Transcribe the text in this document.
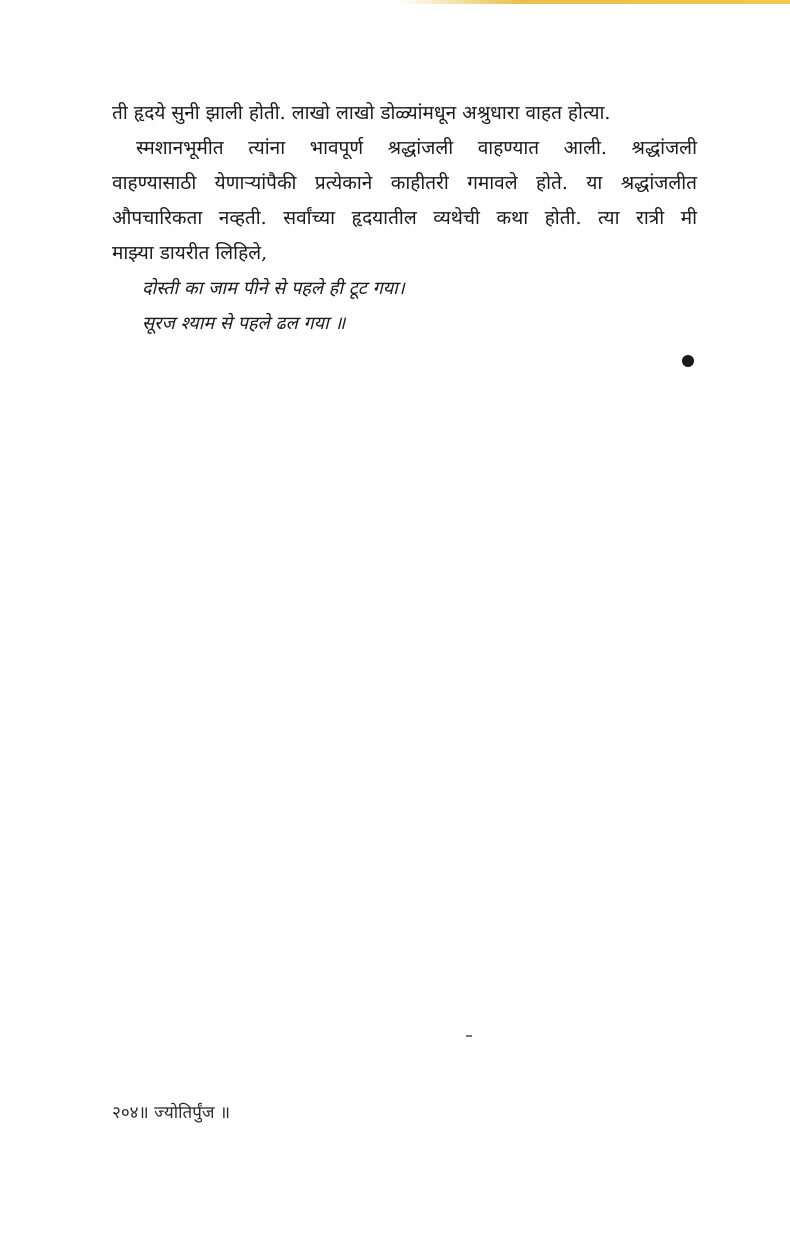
ती हृदये सुनी झाली होती. लाखो लाखो डोळ्यांमधून अश्रुधारा वाहत होत्या.

स्मशानभूमीत त्यांना भावपूर्ण श्रद्धांजली वाहण्यात आली. श्रद्धांजली
वाहण्यासाठी येणाऱ्यांपैकी प्रत्येकाने काहीतरी गमावले होते. या श्रद्धांजलीत
औपचारिकता नव्हती. सर्वांच्या हृदयातील व्यथेची कथा होती. त्या रात्री मी
माझ्या डायरीत लिहिले,

दोस्ती का जाम पीने से पहले ही टूट गया।
सूरज श्याम से पहले ढल गया ॥

२०४॥ ज्योतिर्पुंज ॥
